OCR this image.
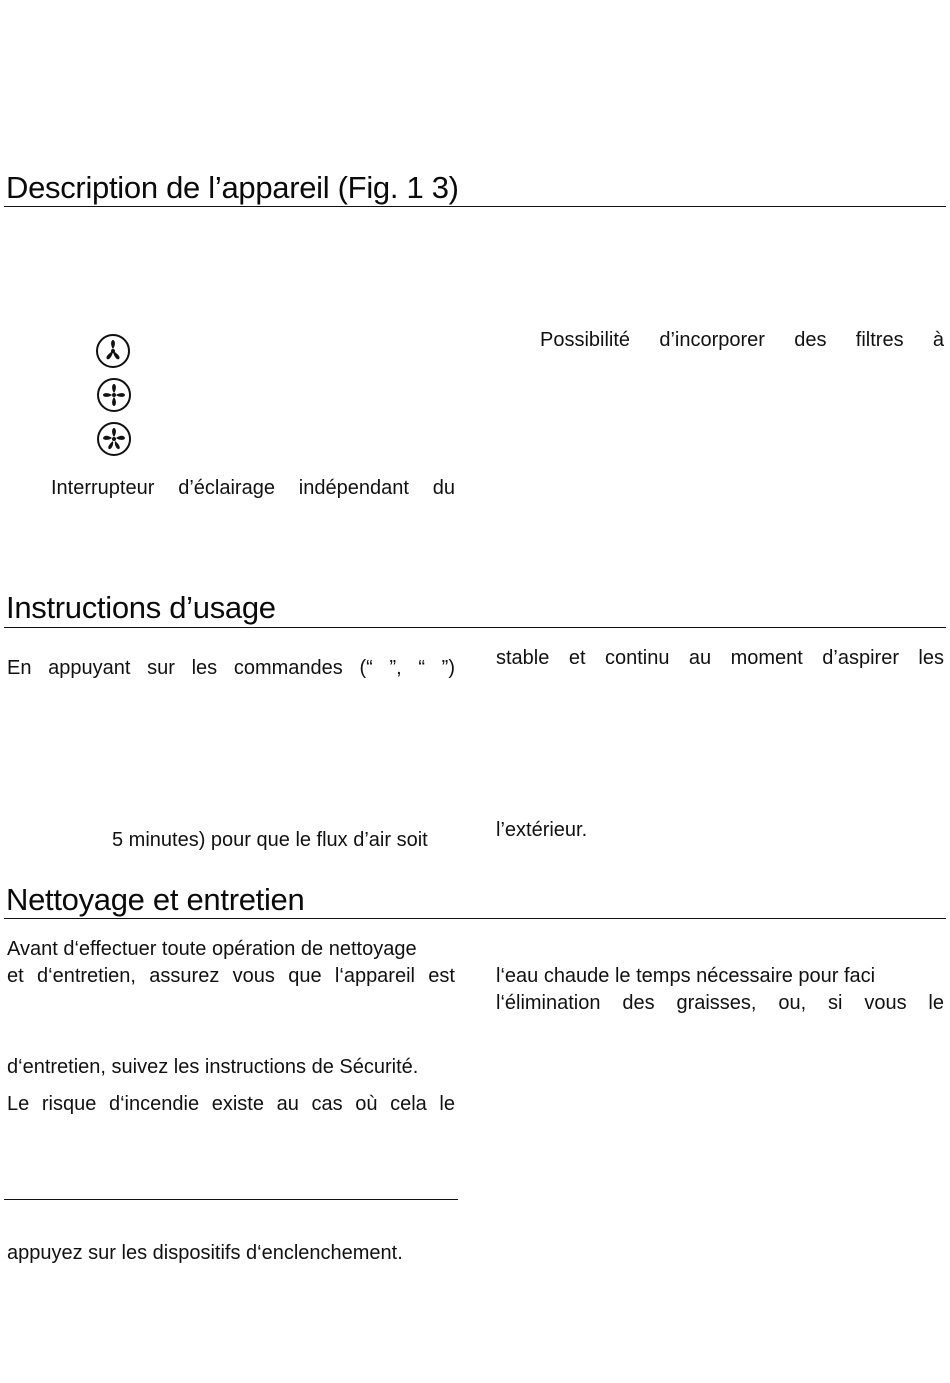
Description de l’appareil (Fig. 1 3)
Possibilité d’incorporer des filtres à
Interrupteur d’éclairage indépendant du
Instructions d’usage
En appuyant sur les commandes (“ ”, “ ”) stable et continu au moment d’aspirer les
5 minutes) pour que le flux d’air soit	l’extérieur.
Nettoyage et entretien
Avant d‘effectuer toute opération de nettoyage
et d‘entretien, assurez vous que l‘appareil est l‘eau chaude le temps nécessaire pour faci
l‘élimination des graisses, ou, si vous le
d‘entretien, suivez les instructions de Sécurité.
Le risque d‘incendie existe au cas où cela le
appuyez sur les dispositifs d‘enclenchement.
